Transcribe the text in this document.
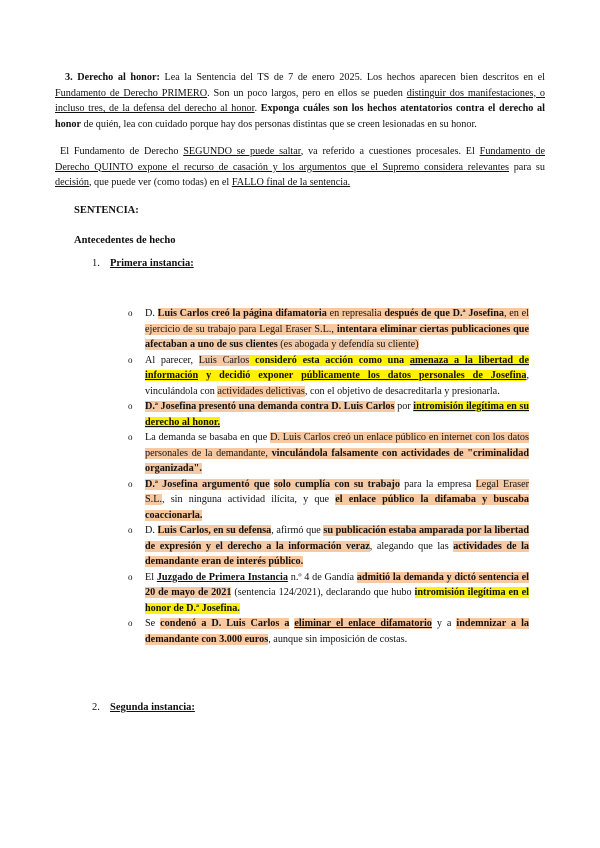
3. Derecho al honor: Lea la Sentencia del TS de 7 de enero 2025. Los hechos aparecen bien descritos en el Fundamento de Derecho PRIMERO. Son un poco largos, pero en ellos se pueden distinguir dos manifestaciones, o incluso tres, de la defensa del derecho al honor. Exponga cuáles son los hechos atentatorios contra el derecho al honor de quién, lea con cuidado porque hay dos personas distintas que se creen lesionadas en su honor.
El Fundamento de Derecho SEGUNDO se puede saltar, va referido a cuestiones procesales. El Fundamento de Derecho QUINTO expone el recurso de casación y los argumentos que el Supremo considera relevantes para su decisión, que puede ver (como todas) en el FALLO final de la sentencia.
SENTENCIA:
Antecedentes de hecho
1. Primera instancia:
o D. Luis Carlos creó la página difamatoria en represalia después de que D.ª Josefina, en el ejercicio de su trabajo para Legal Eraser S.L., intentara eliminar ciertas publicaciones que afectaban a uno de sus clientes (es abogada y defendía su cliente)
o Al parecer, Luis Carlos consideró esta acción como una amenaza a la libertad de información y decidió exponer públicamente los datos personales de Josefina, vinculándola con actividades delictivas, con el objetivo de desacreditarla y presionarla.
o D.ª Josefina presentó una demanda contra D. Luis Carlos por intromisión ilegítima en su derecho al honor.
o La demanda se basaba en que D. Luis Carlos creó un enlace público en internet con los datos personales de la demandante, vinculándola falsamente con actividades de "criminalidad organizada".
o D.ª Josefina argumentó que solo cumplía con su trabajo para la empresa Legal Eraser S.L., sin ninguna actividad ilícita, y que el enlace público la difamaba y buscaba coaccionarla.
o D. Luis Carlos, en su defensa, afirmó que su publicación estaba amparada por la libertad de expresión y el derecho a la información veraz, alegando que las actividades de la demandante eran de interés público.
o El Juzgado de Primera Instancia n.º 4 de Gandía admitió la demanda y dictó sentencia el 20 de mayo de 2021 (sentencia 124/2021), declarando que hubo intromisión ilegítima en el honor de D.ª Josefina.
o Se condenó a D. Luis Carlos a eliminar el enlace difamatorio y a indemnizar a la demandante con 3.000 euros, aunque sin imposición de costas.
2. Segunda instancia:
